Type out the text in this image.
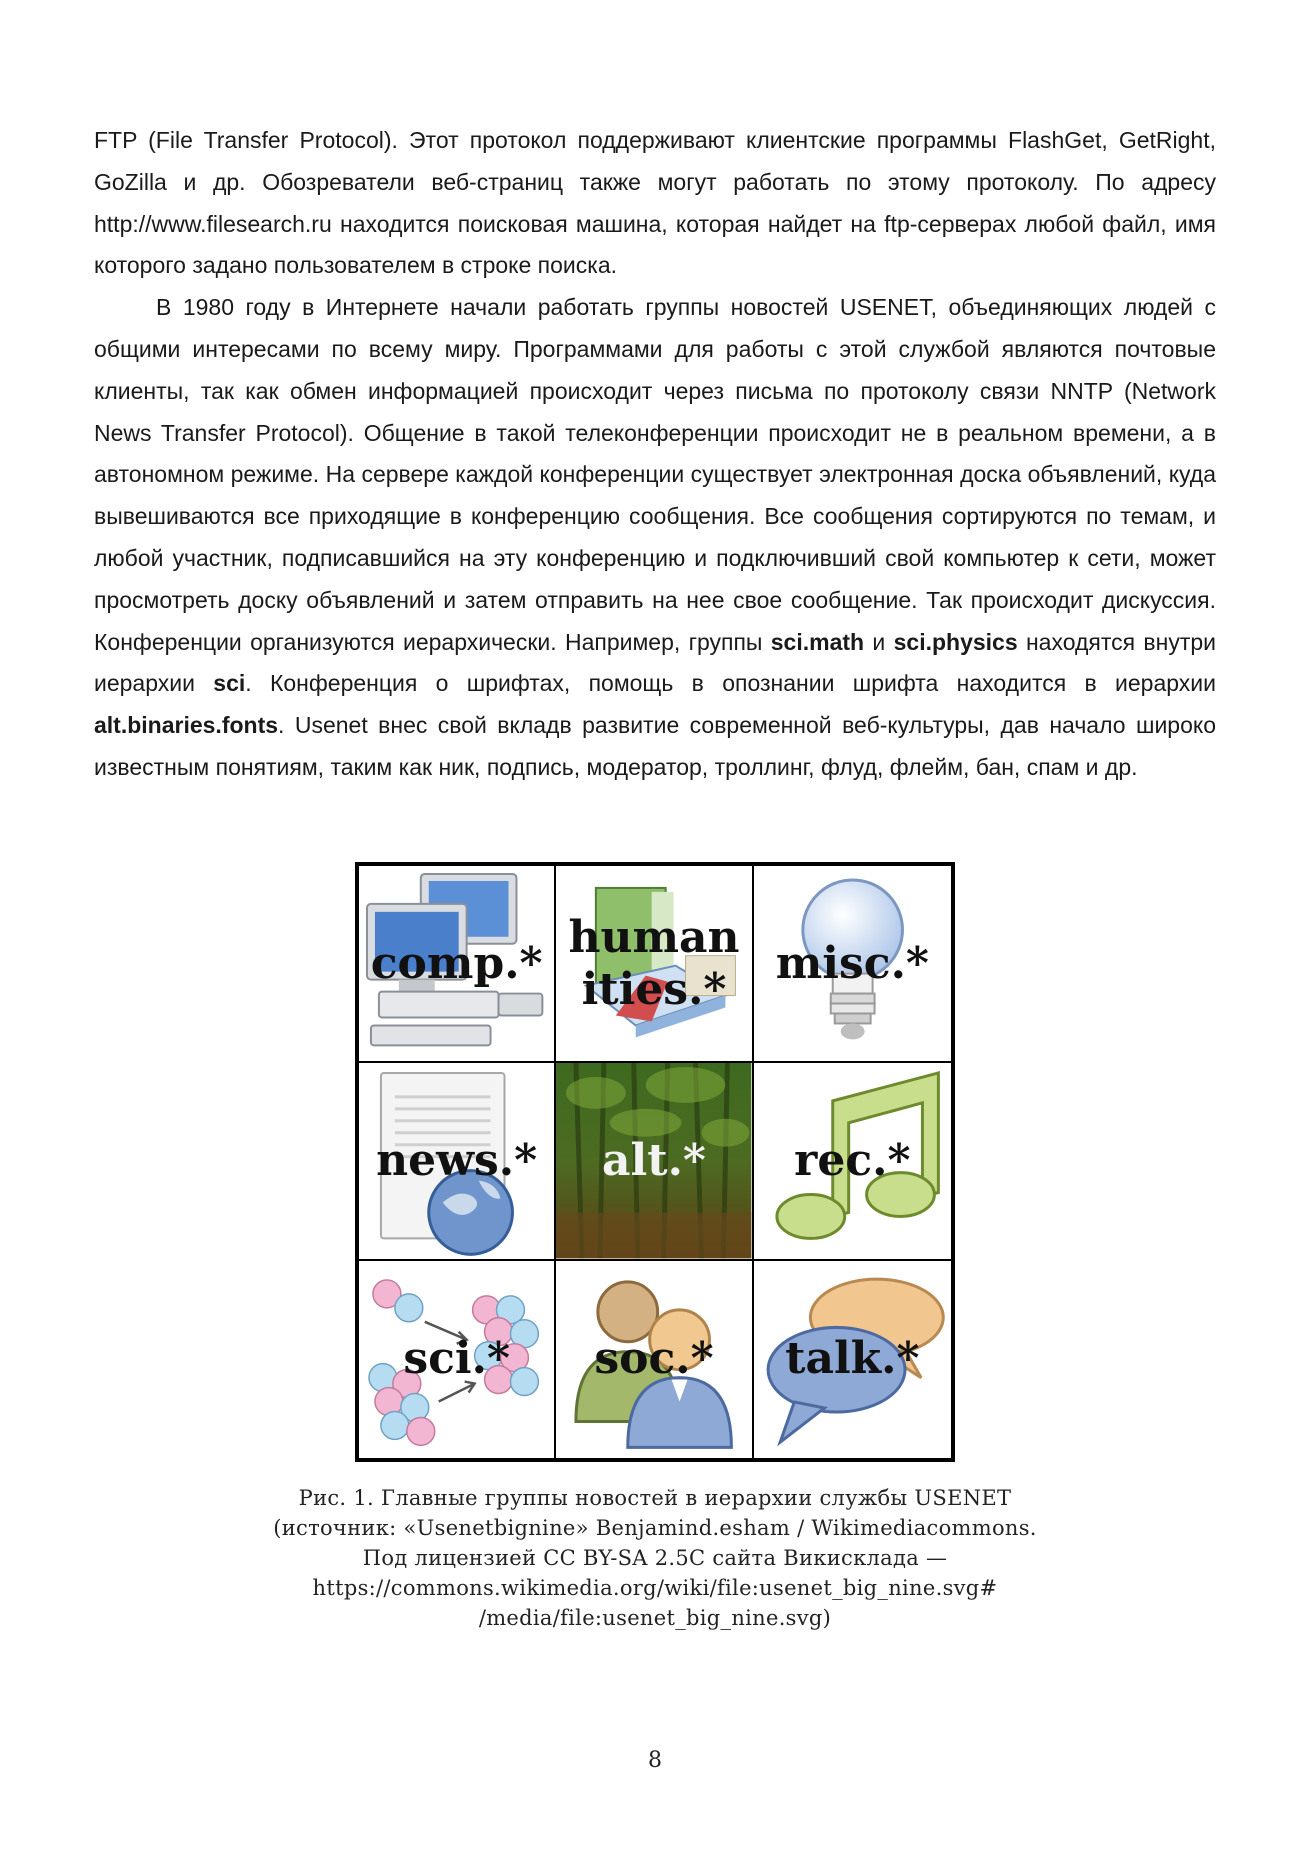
FTP (File Transfer Protocol). Этот протокол поддерживают клиентские программы FlashGet, GetRight, GoZilla и др. Обозреватели веб-страниц также могут работать по этому протоколу. По адресу http://www.filesearch.ru находится поисковая машина, которая найдет на ftp-серверах любой файл, имя которого задано пользователем в строке поиска.

В 1980 году в Интернете начали работать группы новостей USENET, объединяющих людей с общими интересами по всему миру. Программами для работы с этой службой являются почтовые клиенты, так как обмен информацией происходит через письма по протоколу связи NNTP (Network News Transfer Protocol). Общение в такой телеконференции происходит не в реальном времени, а в автономном режиме. На сервере каждой конференции существует электронная доска объявлений, куда вывешиваются все приходящие в конференцию сообщения. Все сообщения сортируются по темам, и любой участник, подписавшийся на эту конференцию и подключивший свой компьютер к сети, может просмотреть доску объявлений и затем отправить на нее свое сообщение. Так происходит дискуссия. Конференции организуются иерархически. Например, группы sci.math и sci.physics находятся внутри иерархии sci. Конференция о шрифтах, помощь в опознании шрифта находится в иерархии alt.binaries.fonts. Usenet внес свой вкладв развитие современной веб-культуры, дав начало широко известным понятиям, таким как ник, подпись, модератор, троллинг, флуд, флейм, бан, спам и др.

comp.*
human
ities.*
misc.*
news.*	alt.*	rec.*
sci.*	soc.*	talk.*
Рис. 1. Главные группы новостей в иерархии службы USENET
(источник: «Usenetbignine» Benjamind.esham / Wikimediacommons.
Под лицензией CC BY-SA 2.5C сайта Викисклада —
https://commons.wikimedia.org/wiki/file:usenet_big_nine.svg#
/media/file:usenet_big_nine.svg)
8
